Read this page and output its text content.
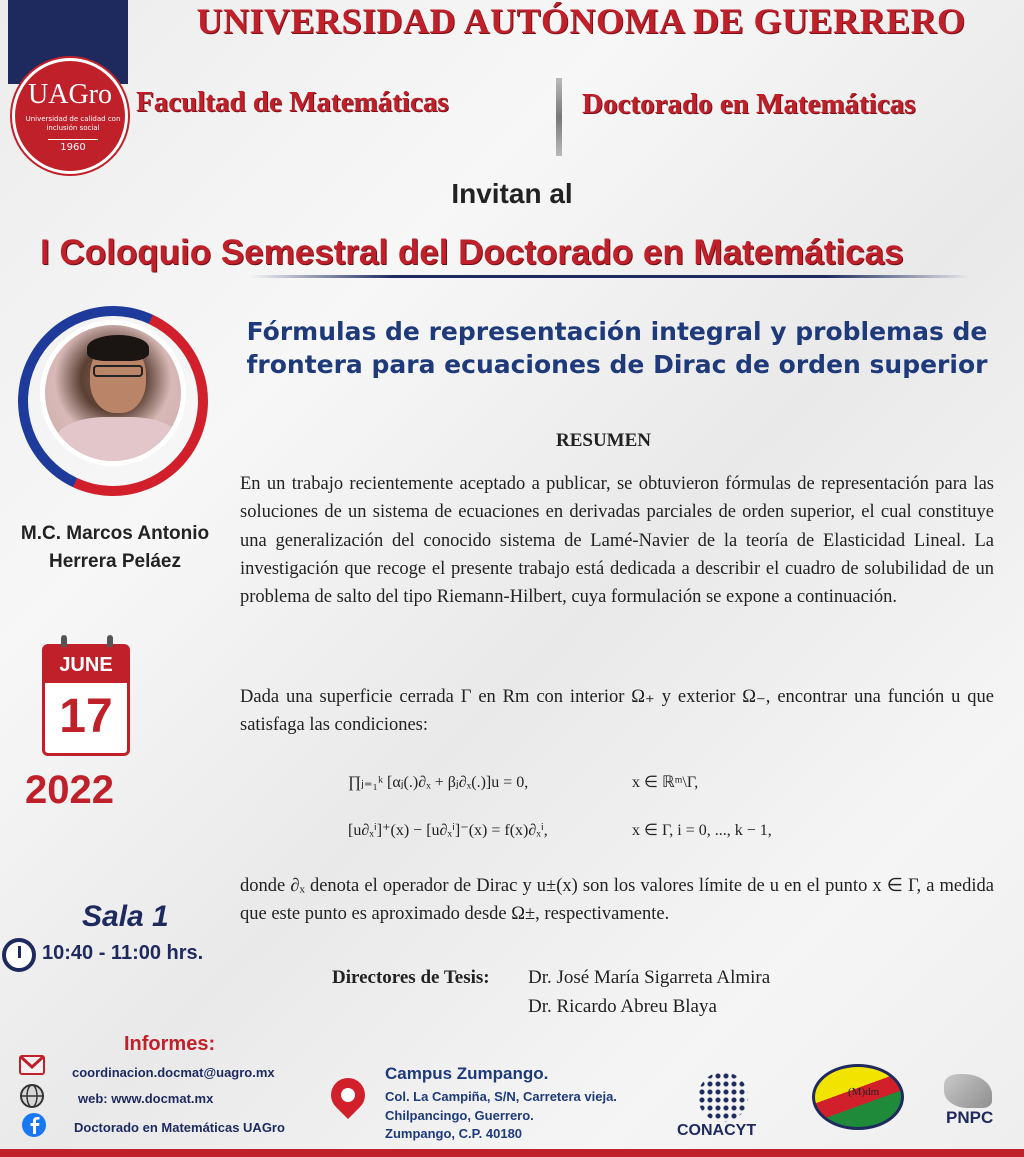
UAGro
Universidad de calidad con inclusión social
1960
UNIVERSIDAD AUTÓNOMA DE GUERRERO
Facultad de Matemáticas	Doctorado en Matemáticas
Invitan al
I Coloquio Semestral del Doctorado en Matemáticas
Fórmulas de representación integral y problemas de frontera para ecuaciones de Dirac de orden superior
M.C. Marcos Antonio
Herrera Peláez
JUNE
17
2022
Sala 1
10:40 - 11:00 hrs.
RESUMEN
En un trabajo recientemente aceptado a publicar, se obtuvieron fórmulas de representación para las soluciones de un sistema de ecuaciones en derivadas parciales de orden superior, el cual constituye una generalización del conocido sistema de Lamé-Navier de la teoría de Elasticidad Lineal. La investigación que recoge el presente trabajo está dedicada a describir el cuadro de solubilidad de un problema de salto del tipo Riemann-Hilbert, cuya formulación se expone a continuación.
Dada una superficie cerrada Γ en Rm con interior Ω₊ y exterior Ω₋, encontrar una función u que satisfaga las condiciones:
∏ⱼ₌₁ᵏ [αⱼ(.)∂ₓ + βⱼ∂ₓ(.)]u = 0,	x ∈ ℝᵐ\Γ,
[u∂ₓⁱ]⁺(x) − [u∂ₓⁱ]⁻(x) = f(x)∂ₓⁱ,	x ∈ Γ, i = 0, ..., k − 1,
donde ∂ₓ denota el operador de Dirac y u±(x) son los valores límite de u en el punto x ∈ Γ, a medida que este punto es aproximado desde Ω±, respectivamente.
Directores de Tesis: Dr. José María Sigarreta Almira
Dr. Ricardo Abreu Blaya
Informes:
coordinacion.docmat@uagro.mx
web: www.docmat.mx
Doctorado en Matemáticas UAGro
Campus Zumpango.
Col. La Campiña, S/N, Carretera vieja.
Chilpancingo, Guerrero.
Zumpango, C.P. 40180	CONACYT
(M)dm
PNPC
